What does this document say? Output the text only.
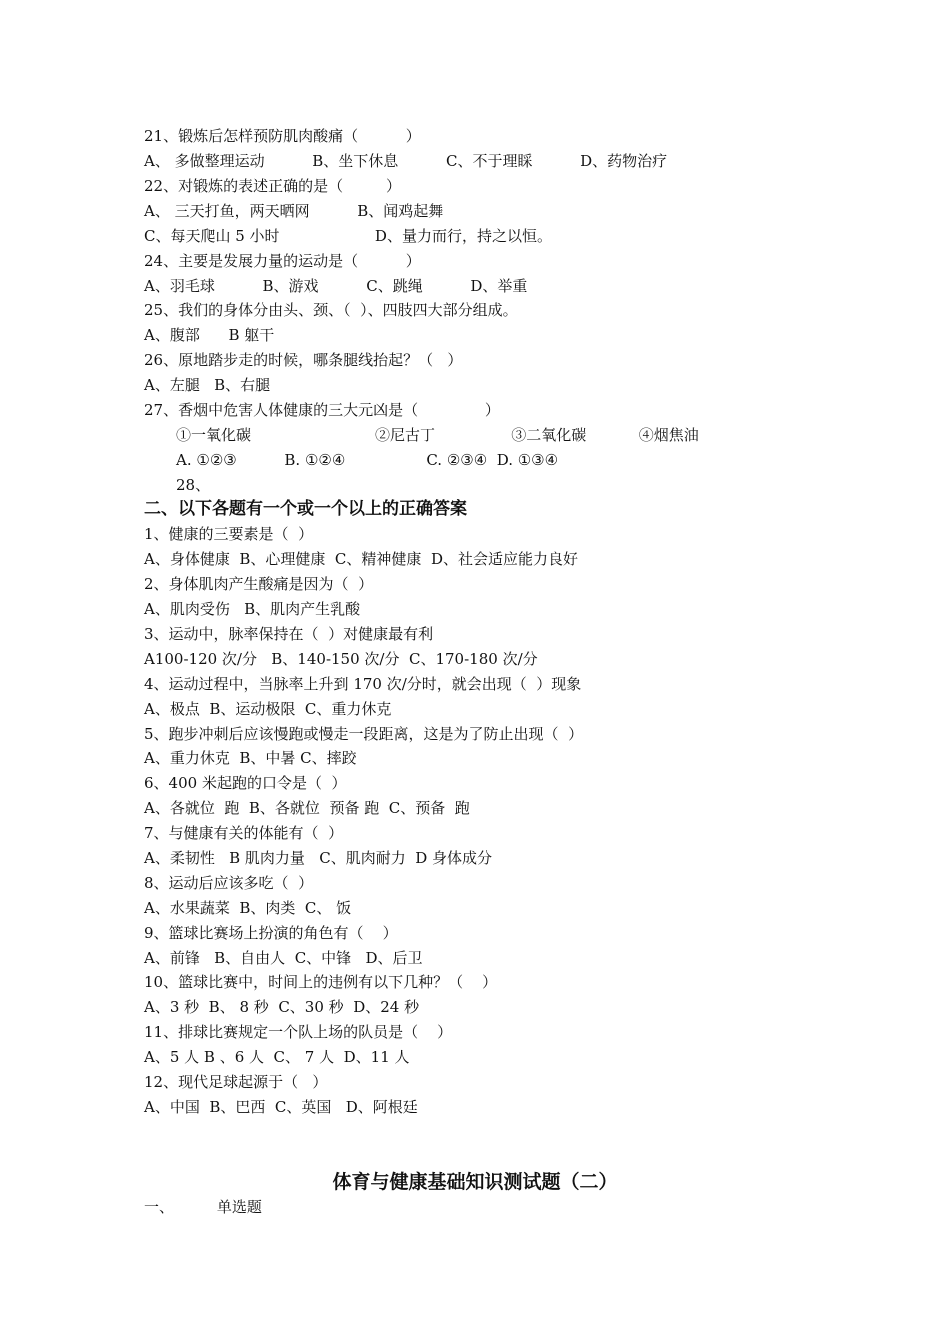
21、锻炼后怎样预防肌肉酸痛（          ）
A、 多做整理运动          B、坐下休息          C、不于理睬          D、药物治疗
22、对锻炼的表述正确的是（         ）
A、 三天打鱼，两天晒网          B、闻鸡起舞
C、每天爬山 5 小时                    D、量力而行，持之以恒。
24、主要是发展力量的运动是（          ）
A、羽毛球          B、游戏          C、跳绳          D、举重
25、我们的身体分由头、颈、（  ）、四肢四大部分组成。
A、腹部      B 躯干
26、原地踏步走的时候，哪条腿线抬起？（   ）
A、左腿   B、右腿
27、香烟中危害人体健康的三大元凶是（              ）
①一氧化碳                          ②尼古丁                ③二氧化碳           ④烟焦油
A. ①②③          B. ①②④                 C. ②③④  D. ①③④
28、
二、以下各题有一个或一个以上的正确答案
1、健康的三要素是（  ）
A、身体健康  B、心理健康  C、精神健康  D、社会适应能力良好
2、身体肌肉产生酸痛是因为（  ）
A、肌肉受伤   B、肌肉产生乳酸
3、运动中，脉率保持在（  ）对健康最有利
A100-120 次/分   B、140-150 次/分  C、170-180 次/分
4、运动过程中，当脉率上升到 170 次/分时，就会出现（  ）现象
A、极点  B、运动极限  C、重力休克
5、跑步冲刺后应该慢跑或慢走一段距离，这是为了防止出现（  ）
A、重力休克  B、中暑 C、摔跤
6、400 米起跑的口令是（  ）
A、各就位  跑  B、各就位  预备 跑  C、预备  跑
7、与健康有关的体能有（  ）
A、柔韧性   B 肌肉力量   C、肌肉耐力  D 身体成分
8、运动后应该多吃（  ）
A、水果蔬菜  B、肉类  C、 饭
9、篮球比赛场上扮演的角色有（    ）
A、前锋   B、自由人  C、中锋   D、后卫
10、篮球比赛中，时间上的违例有以下几种？（    ）
A、3 秒  B、 8 秒  C、30 秒  D、24 秒
11、排球比赛规定一个队上场的队员是（    ）
A、5 人 B 、6 人  C、 7 人  D、11 人
12、现代足球起源于（   ）
A、中国  B、巴西  C、英国   D、阿根廷
体育与健康基础知识测试题（二）
一、         单选题
